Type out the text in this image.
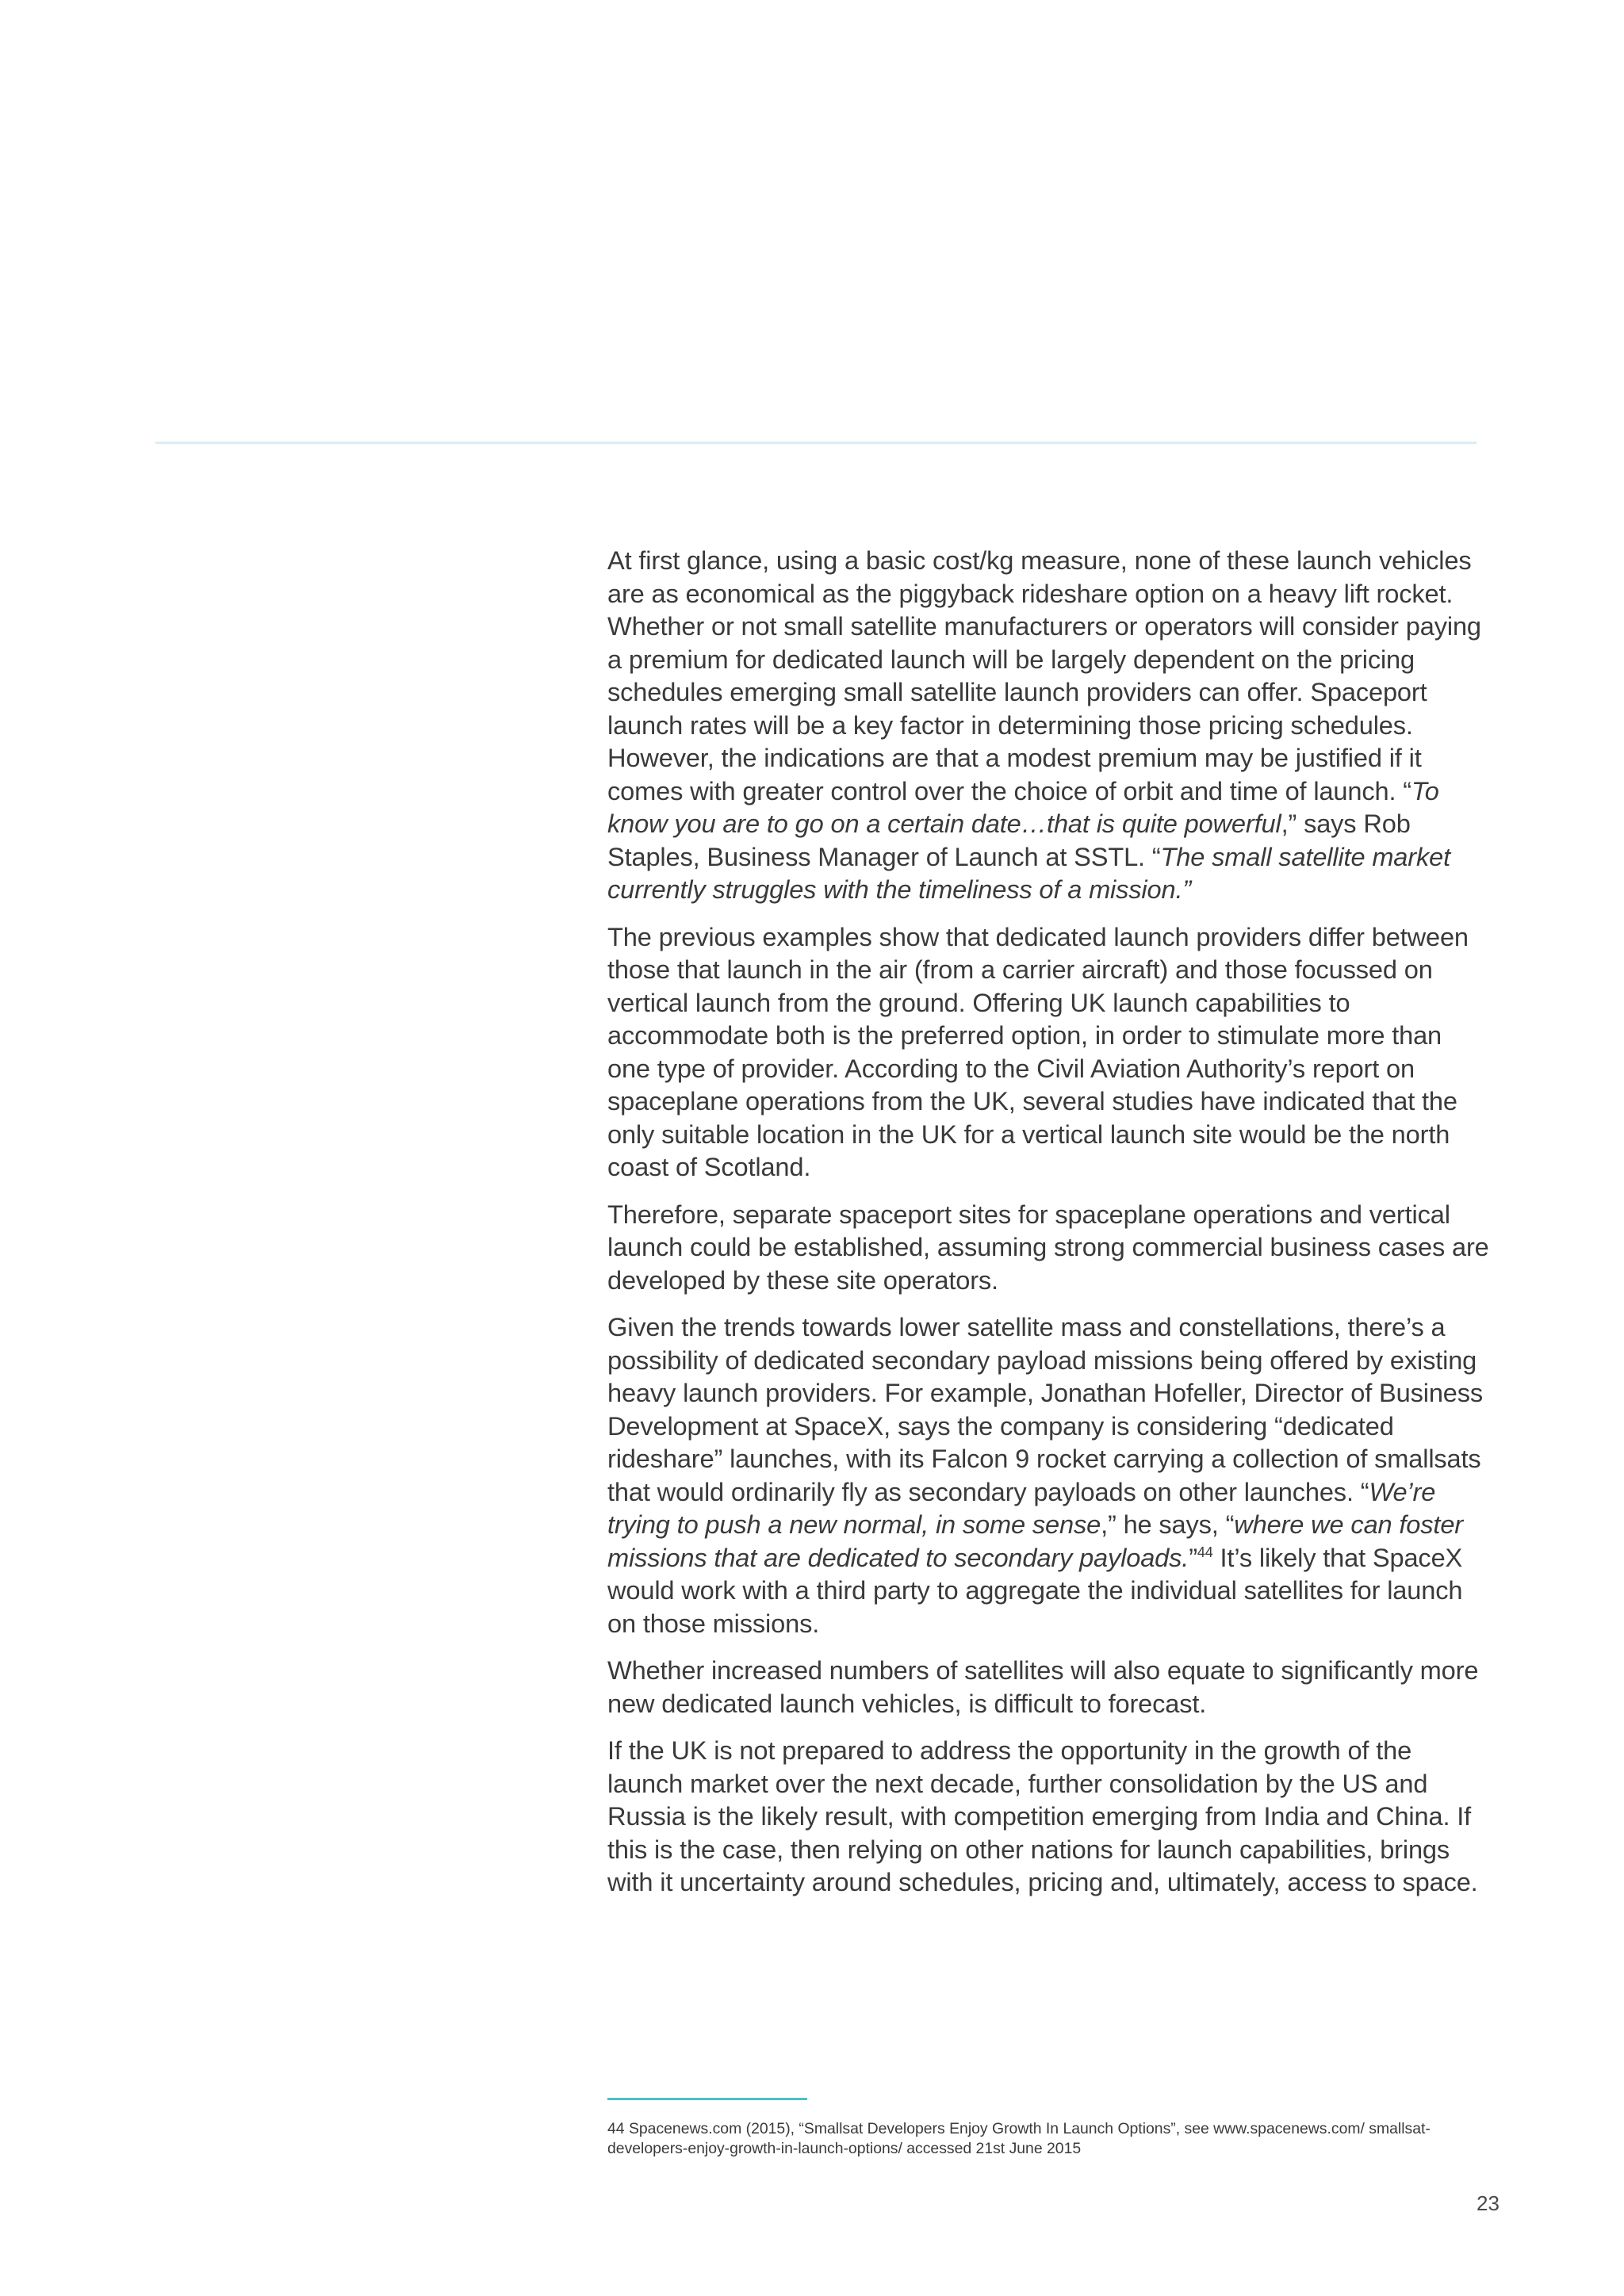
At first glance, using a basic cost/kg measure, none of these launch vehicles are as economical as the piggyback rideshare option on a heavy lift rocket. Whether or not small satellite manufacturers or operators will consider paying a premium for dedicated launch will be largely dependent on the pricing schedules emerging small satellite launch providers can offer. Spaceport launch rates will be a key factor in determining those pricing schedules. However, the indications are that a modest premium may be justified if it comes with greater control over the choice of orbit and time of launch. “To know you are to go on a certain date…that is quite powerful,” says Rob Staples, Business Manager of Launch at SSTL. “The small satellite market currently struggles with the timeliness of a mission.”

The previous examples show that dedicated launch providers differ between those that launch in the air (from a carrier aircraft) and those focussed on vertical launch from the ground. Offering UK launch capabilities to accommodate both is the preferred option, in order to stimulate more than one type of provider. According to the Civil Aviation Authority’s report on spaceplane operations from the UK, several studies have indicated that the only suitable location in the UK for a vertical launch site would be the north coast of Scotland.

Therefore, separate spaceport sites for spaceplane operations and vertical launch could be established, assuming strong commercial business cases are developed by these site operators.

Given the trends towards lower satellite mass and constellations, there’s a possibility of dedicated secondary payload missions being offered by existing heavy launch providers. For example, Jonathan Hofeller, Director of Business Development at SpaceX, says the company is considering “dedicated rideshare” launches, with its Falcon 9 rocket carrying a collection of smallsats that would ordinarily fly as secondary payloads on other launches. “We’re trying to push a new normal, in some sense,” he says, “where we can foster missions that are dedicated to secondary payloads.”$^{44}$ It’s likely that SpaceX would work with a third party to aggregate the individual satellites for launch on those missions.

Whether increased numbers of satellites will also equate to significantly more new dedicated launch vehicles, is difficult to forecast.

If the UK is not prepared to address the opportunity in the growth of the launch market over the next decade, further consolidation by the US and Russia is the likely result, with competition emerging from India and China. If this is the case, then relying on other nations for launch capabilities, brings with it uncertainty around schedules, pricing and, ultimately, access to space.

44 Spacenews.com (2015), “Smallsat Developers Enjoy Growth In Launch Options”, see www.spacenews.com/ smallsat-developers-enjoy-growth-in-launch-options/ accessed 21st June 2015
23
